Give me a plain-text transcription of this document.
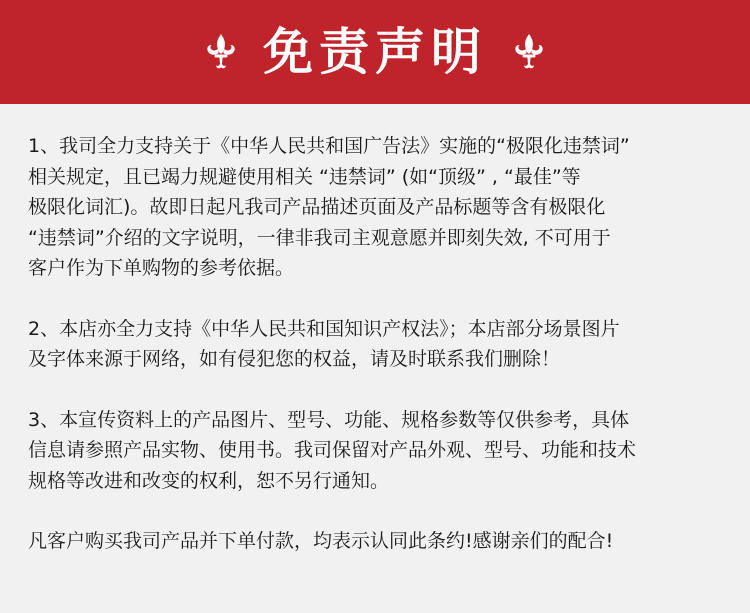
免责声明

1、我司全力支持关于《中华人民共和国广告法》实施的“极限化违禁词”
相关规定，且已竭力规避使用相关 “违禁词” (如“顶级” , “最佳”等
极限化词汇)。故即日起凡我司产品描述页面及产品标题等含有极限化
“违禁词”介绍的文字说明，一律非我司主观意愿并即刻失效, 不可用于
客户作为下单购物的参考依据。

2、本店亦全力支持《中华人民共和国知识产权法》；本店部分场景图片
及字体来源于网络，如有侵犯您的权益，请及时联系我们删除！

3、本宣传资料上的产品图片、型号、功能、规格参数等仅供参考，具体
信息请参照产品实物、使用书。我司保留对产品外观、型号、功能和技术
规格等改进和改变的权利，恕不另行通知。

凡客户购买我司产品并下单付款，均表示认同此条约!感谢亲们的配合!
